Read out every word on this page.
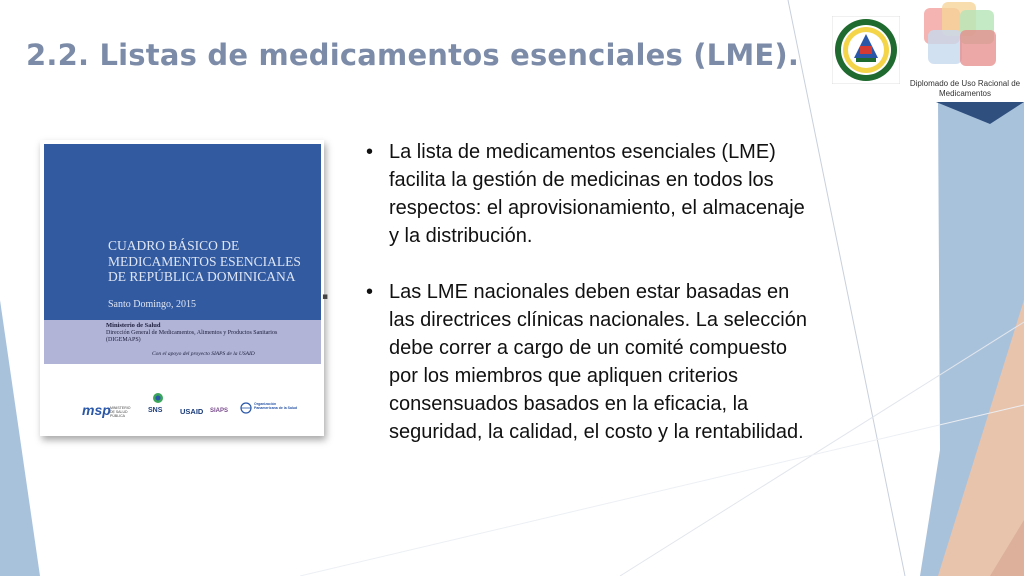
2.2. Listas de medicamentos esenciales (LME).

Diplomado de Uso Racional de Medicamentos

CUADRO BÁSICO DE MEDICAMENTOS ESENCIALES DE REPÚBLICA DOMINICANA

Santo Domingo, 2015

Ministerio de Salud
Dirección General de Medicamentos, Alimentos y Productos Sanitarios (DIGEMAPS)

Con el apoyo del proyecto SIAPS de la USAID

msp MINISTERIO DE SALUD PÚBLICA
SNS USAID SIAPS
Organización Panamericana de la Salud
▪
• La lista de medicamentos esenciales (LME) facilita la gestión de medicinas en todos los respectos: el aprovisionamiento, el almacenaje y la distribución.
• Las LME nacionales deben estar basadas en las directrices clínicas nacionales. La selección debe correr a cargo de un comité compuesto por los miembros que apliquen criterios consensuados basados en la eficacia, la seguridad, la calidad, el costo y la rentabilidad.
